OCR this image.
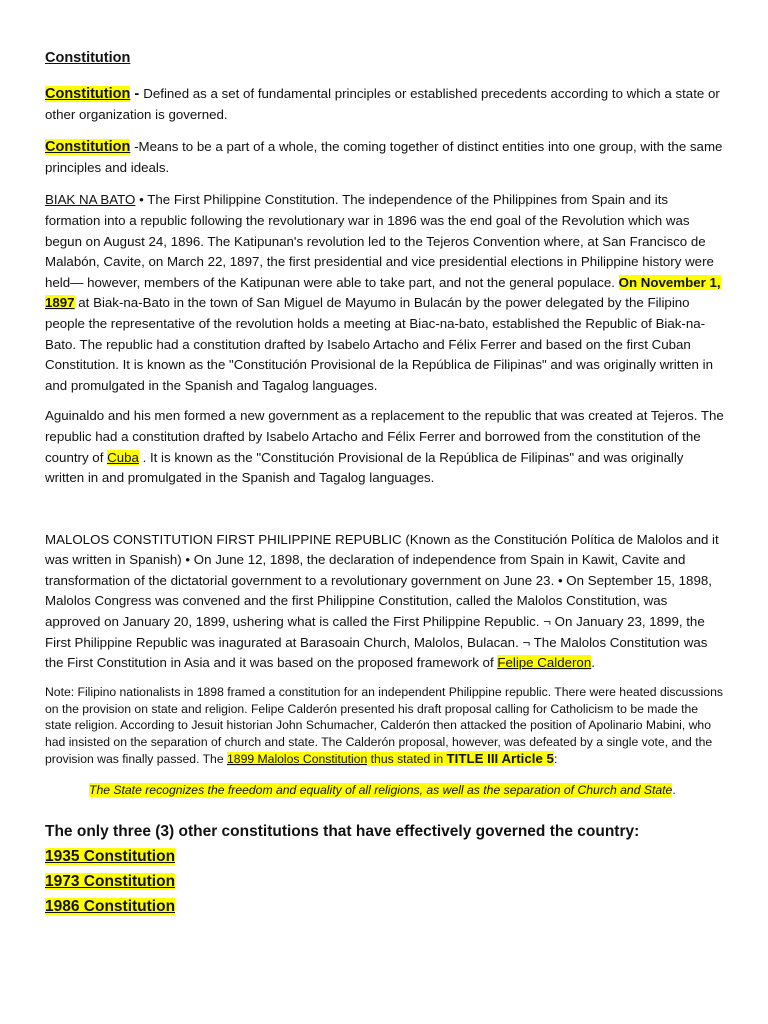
Constitution

Constitution - Defined as a set of fundamental principles or established precedents according to which a state or other organization is governed.

Constitution -Means to be a part of a whole, the coming together of distinct entities into one group, with the same principles and ideals.

BIAK NA BATO • The First Philippine Constitution. The independence of the Philippines from Spain and its formation into a republic following the revolutionary war in 1896 was the end goal of the Revolution which was begun on August 24, 1896. The Katipunan's revolution led to the Tejeros Convention where, at San Francisco de Malabón, Cavite, on March 22, 1897, the first presidential and vice presidential elections in Philippine history were held— however, members of the Katipunan were able to take part, and not the general populace. On November 1, 1897 at Biak-na-Bato in the town of San Miguel de Mayumo in Bulacán by the power delegated by the Filipino people the representative of the revolution holds a meeting at Biac-na-bato, established the Republic of Biak-na-Bato. The republic had a constitution drafted by Isabelo Artacho and Félix Ferrer and based on the first Cuban Constitution. It is known as the "Constitución Provisional de la República de Filipinas" and was originally written in and promulgated in the Spanish and Tagalog languages.

Aguinaldo and his men formed a new government as a replacement to the republic that was created at Tejeros. The republic had a constitution drafted by Isabelo Artacho and Félix Ferrer and borrowed from the constitution of the country of Cuba . It is known as the "Constitución Provisional de la República de Filipinas" and was originally written in and promulgated in the Spanish and Tagalog languages.

MALOLOS CONSTITUTION FIRST PHILIPPINE REPUBLIC (Known as the Constitución Política de Malolos and it was written in Spanish) • On June 12, 1898, the declaration of independence from Spain in Kawit, Cavite and transformation of the dictatorial government to a revolutionary government on June 23. • On September 15, 1898, Malolos Congress was convened and the first Philippine Constitution, called the Malolos Constitution, was approved on January 20, 1899, ushering what is called the First Philippine Republic. ¬ On January 23, 1899, the First Philippine Republic was inagurated at Barasoain Church, Malolos, Bulacan. ¬ The Malolos Constitution was the First Constitution in Asia and it was based on the proposed framework of Felipe Calderon.

Note: Filipino nationalists in 1898 framed a constitution for an independent Philippine republic. There were heated discussions on the provision on state and religion. Felipe Calderón presented his draft proposal calling for Catholicism to be made the state religion. According to Jesuit historian John Schumacher, Calderón then attacked the position of Apolinario Mabini, who had insisted on the separation of church and state. The Calderón proposal, however, was defeated by a single vote, and the provision was finally passed. The 1899 Malolos Constitution thus stated in TITLE III Article 5:

The State recognizes the freedom and equality of all religions, as well as the separation of Church and State.

The only three (3) other constitutions that have effectively governed the country:

1935 Constitution
1973 Constitution
1986 Constitution
